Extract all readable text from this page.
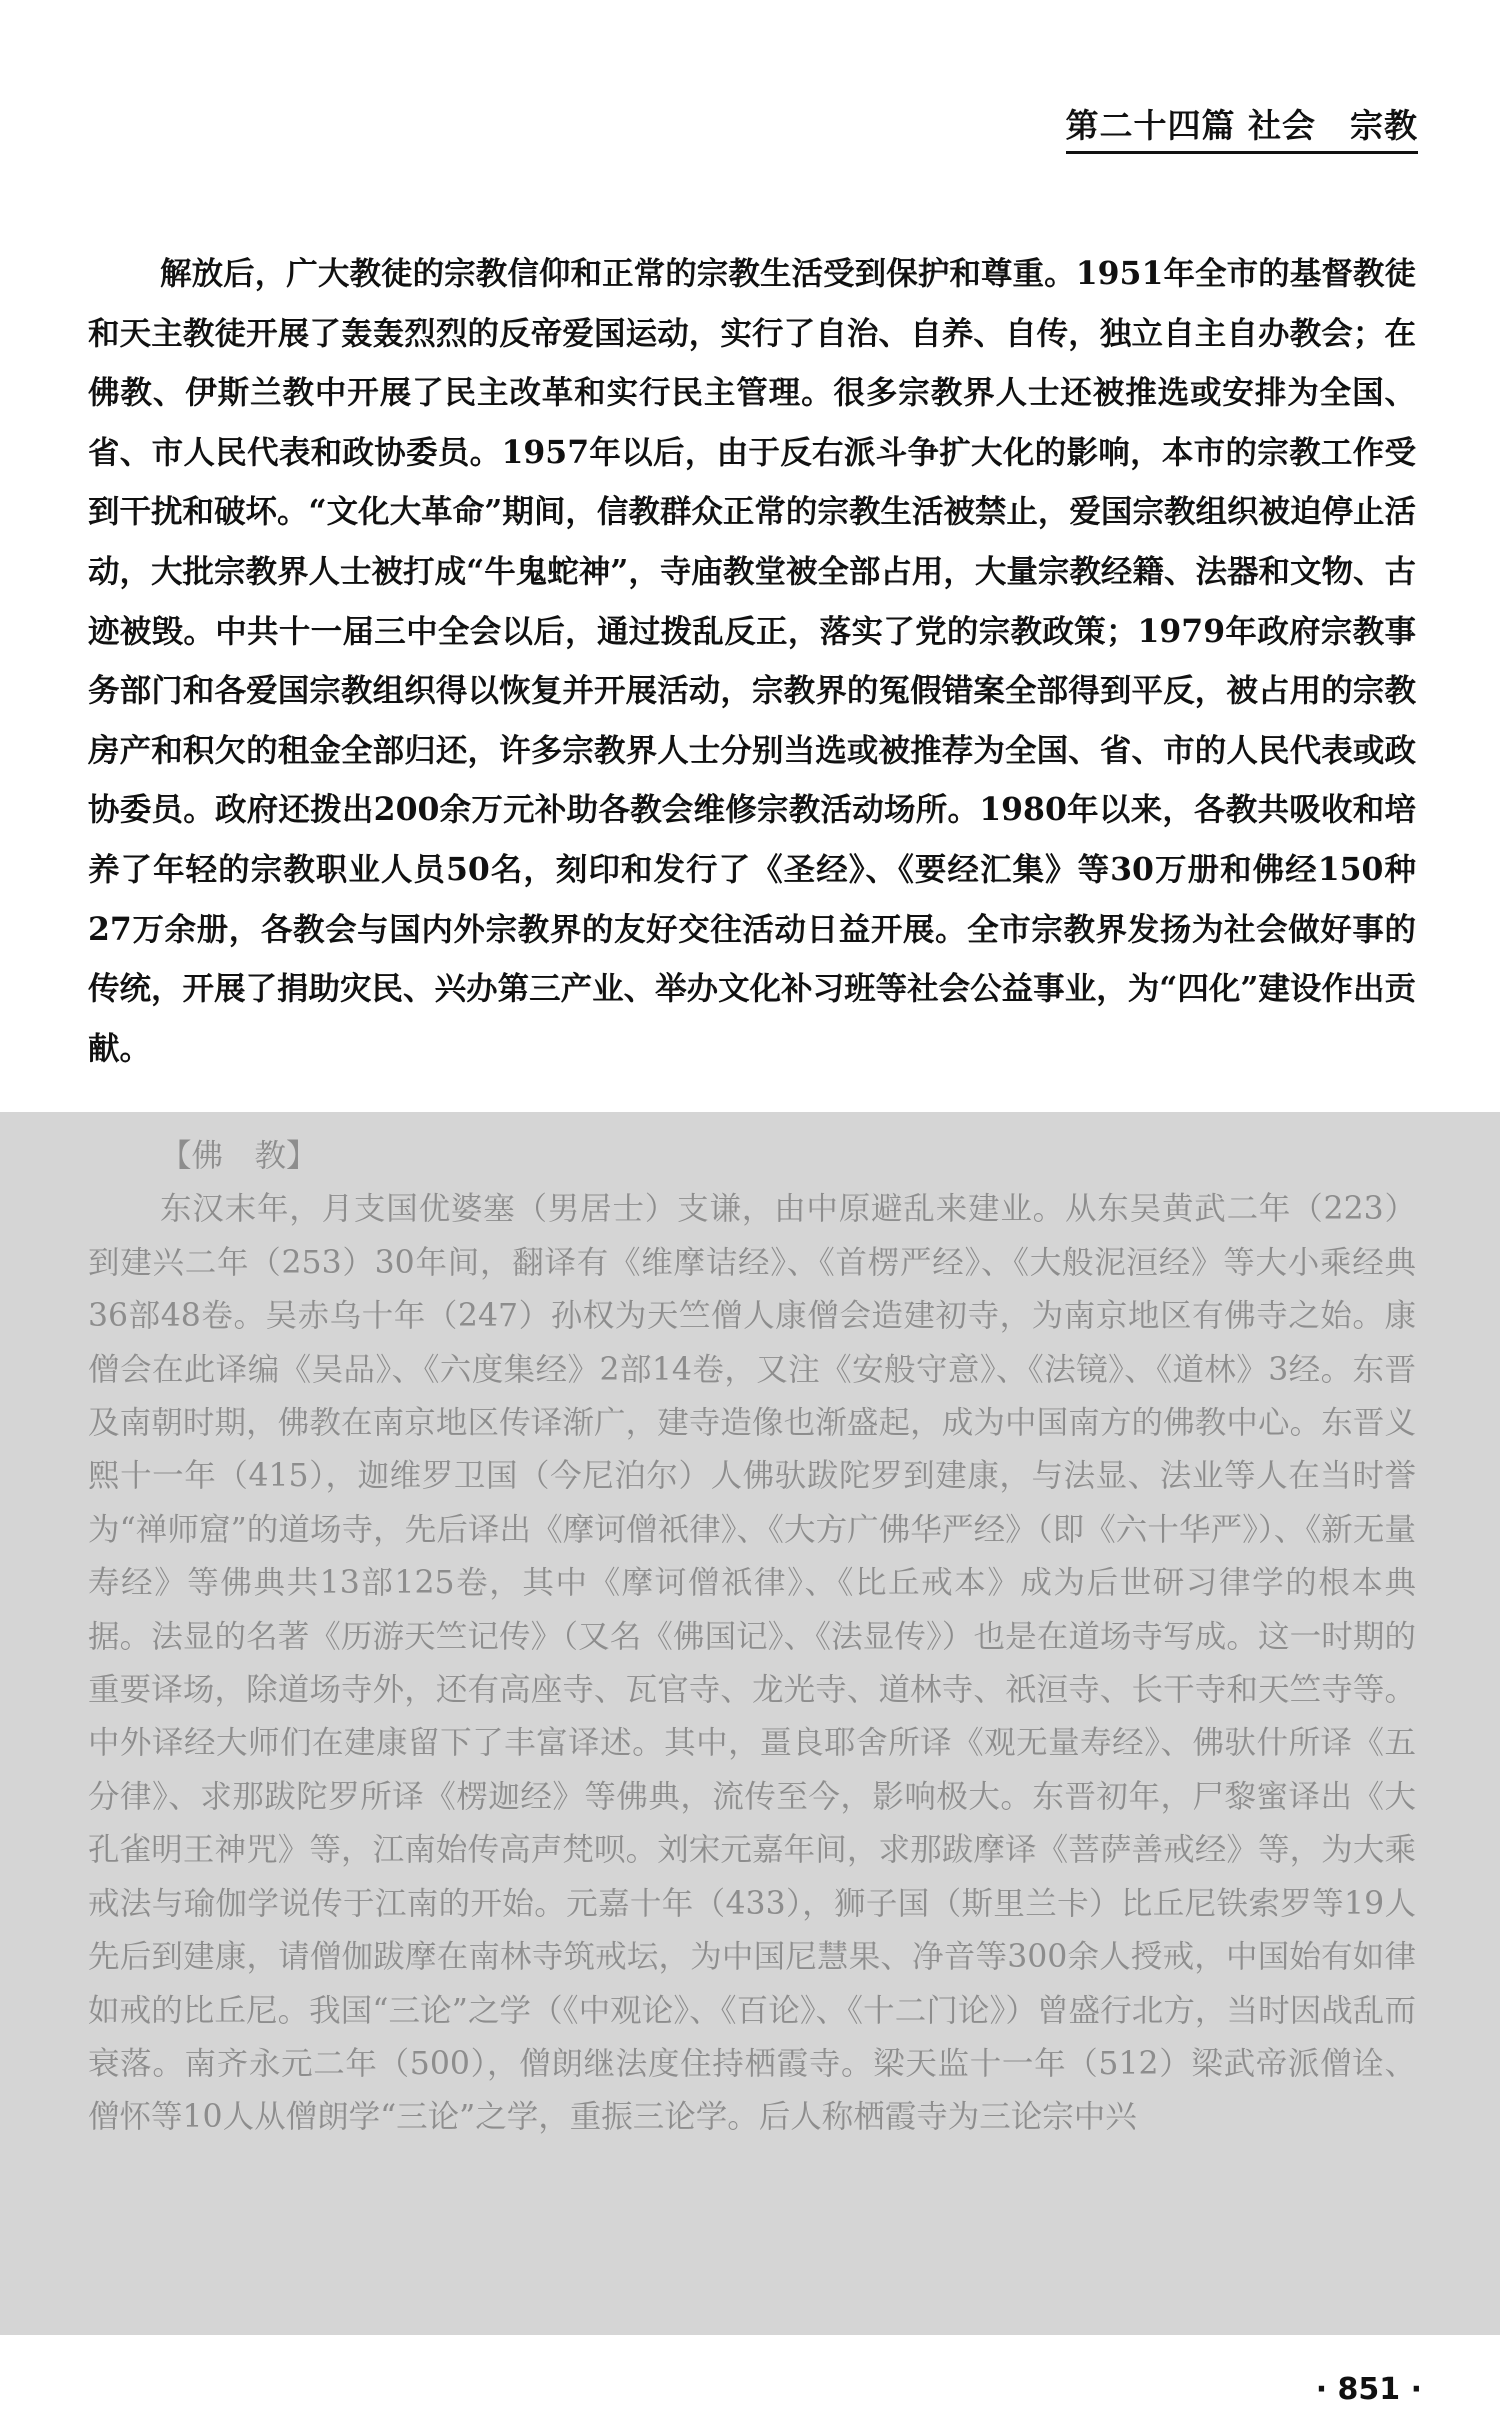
第二十四篇 社会　宗教

解放后，广大教徒的宗教信仰和正常的宗教生活受到保护和尊重。1951年全市的基督教徒和天主教徒开展了轰轰烈烈的反帝爱国运动，实行了自治、自养、自传，独立自主自办教会；在佛教、伊斯兰教中开展了民主改革和实行民主管理。很多宗教界人士还被推选或安排为全国、省、市人民代表和政协委员。1957年以后，由于反右派斗争扩大化的影响，本市的宗教工作受到干扰和破坏。“文化大革命”期间，信教群众正常的宗教生活被禁止，爱国宗教组织被迫停止活动，大批宗教界人士被打成“牛鬼蛇神”，寺庙教堂被全部占用，大量宗教经籍、法器和文物、古迹被毁。中共十一届三中全会以后，通过拨乱反正，落实了党的宗教政策；1979年政府宗教事务部门和各爱国宗教组织得以恢复并开展活动，宗教界的冤假错案全部得到平反，被占用的宗教房产和积欠的租金全部归还，许多宗教界人士分别当选或被推荐为全国、省、市的人民代表或政协委员。政府还拨出200余万元补助各教会维修宗教活动场所。1980年以来，各教共吸收和培养了年轻的宗教职业人员50名，刻印和发行了《圣经》、《要经汇集》等30万册和佛经150种27万余册，各教会与国内外宗教界的友好交往活动日益开展。全市宗教界发扬为社会做好事的传统，开展了捐助灾民、兴办第三产业、举办文化补习班等社会公益事业，为“四化”建设作出贡献。

【佛　教】

东汉末年，月支国优婆塞（男居士）支谦，由中原避乱来建业。从东吴黄武二年（223）到建兴二年（253）30年间，翻译有《维摩诘经》、《首楞严经》、《大般泥洹经》等大小乘经典36部48卷。吴赤乌十年（247）孙权为天竺僧人康僧会造建初寺，为南京地区有佛寺之始。康僧会在此译编《吴品》、《六度集经》2部14卷，又注《安般守意》、《法镜》、《道林》3经。东晋及南朝时期，佛教在南京地区传译渐广，建寺造像也渐盛起，成为中国南方的佛教中心。东晋义熙十一年（415），迦维罗卫国（今尼泊尔）人佛驮跋陀罗到建康，与法显、法业等人在当时誉为“禅师窟”的道场寺，先后译出《摩诃僧祇律》、《大方广佛华严经》（即《六十华严》）、《新无量寿经》等佛典共13部125卷，其中《摩诃僧祇律》、《比丘戒本》成为后世研习律学的根本典据。法显的名著《历游天竺记传》（又名《佛国记》、《法显传》）也是在道场寺写成。这一时期的重要译场，除道场寺外，还有高座寺、瓦官寺、龙光寺、道林寺、祇洹寺、长干寺和天竺寺等。中外译经大师们在建康留下了丰富译述。其中，畺良耶舍所译《观无量寿经》、佛驮什所译《五分律》、求那跋陀罗所译《楞迦经》等佛典，流传至今，影响极大。东晋初年，尸黎蜜译出《大孔雀明王神咒》等，江南始传高声梵呗。刘宋元嘉年间，求那跋摩译《菩萨善戒经》等，为大乘戒法与瑜伽学说传于江南的开始。元嘉十年（433），狮子国（斯里兰卡）比丘尼铁索罗等19人先后到建康，请僧伽跋摩在南林寺筑戒坛，为中国尼慧果、净音等300余人授戒，中国始有如律如戒的比丘尼。我国“三论”之学（《中观论》、《百论》、《十二门论》）曾盛行北方，当时因战乱而衰落。南齐永元二年（500），僧朗继法度住持栖霞寺。梁天监十一年（512）梁武帝派僧诠、僧怀等10人从僧朗学“三论”之学，重振三论学。后人称栖霞寺为三论宗中兴

· 851 ·
